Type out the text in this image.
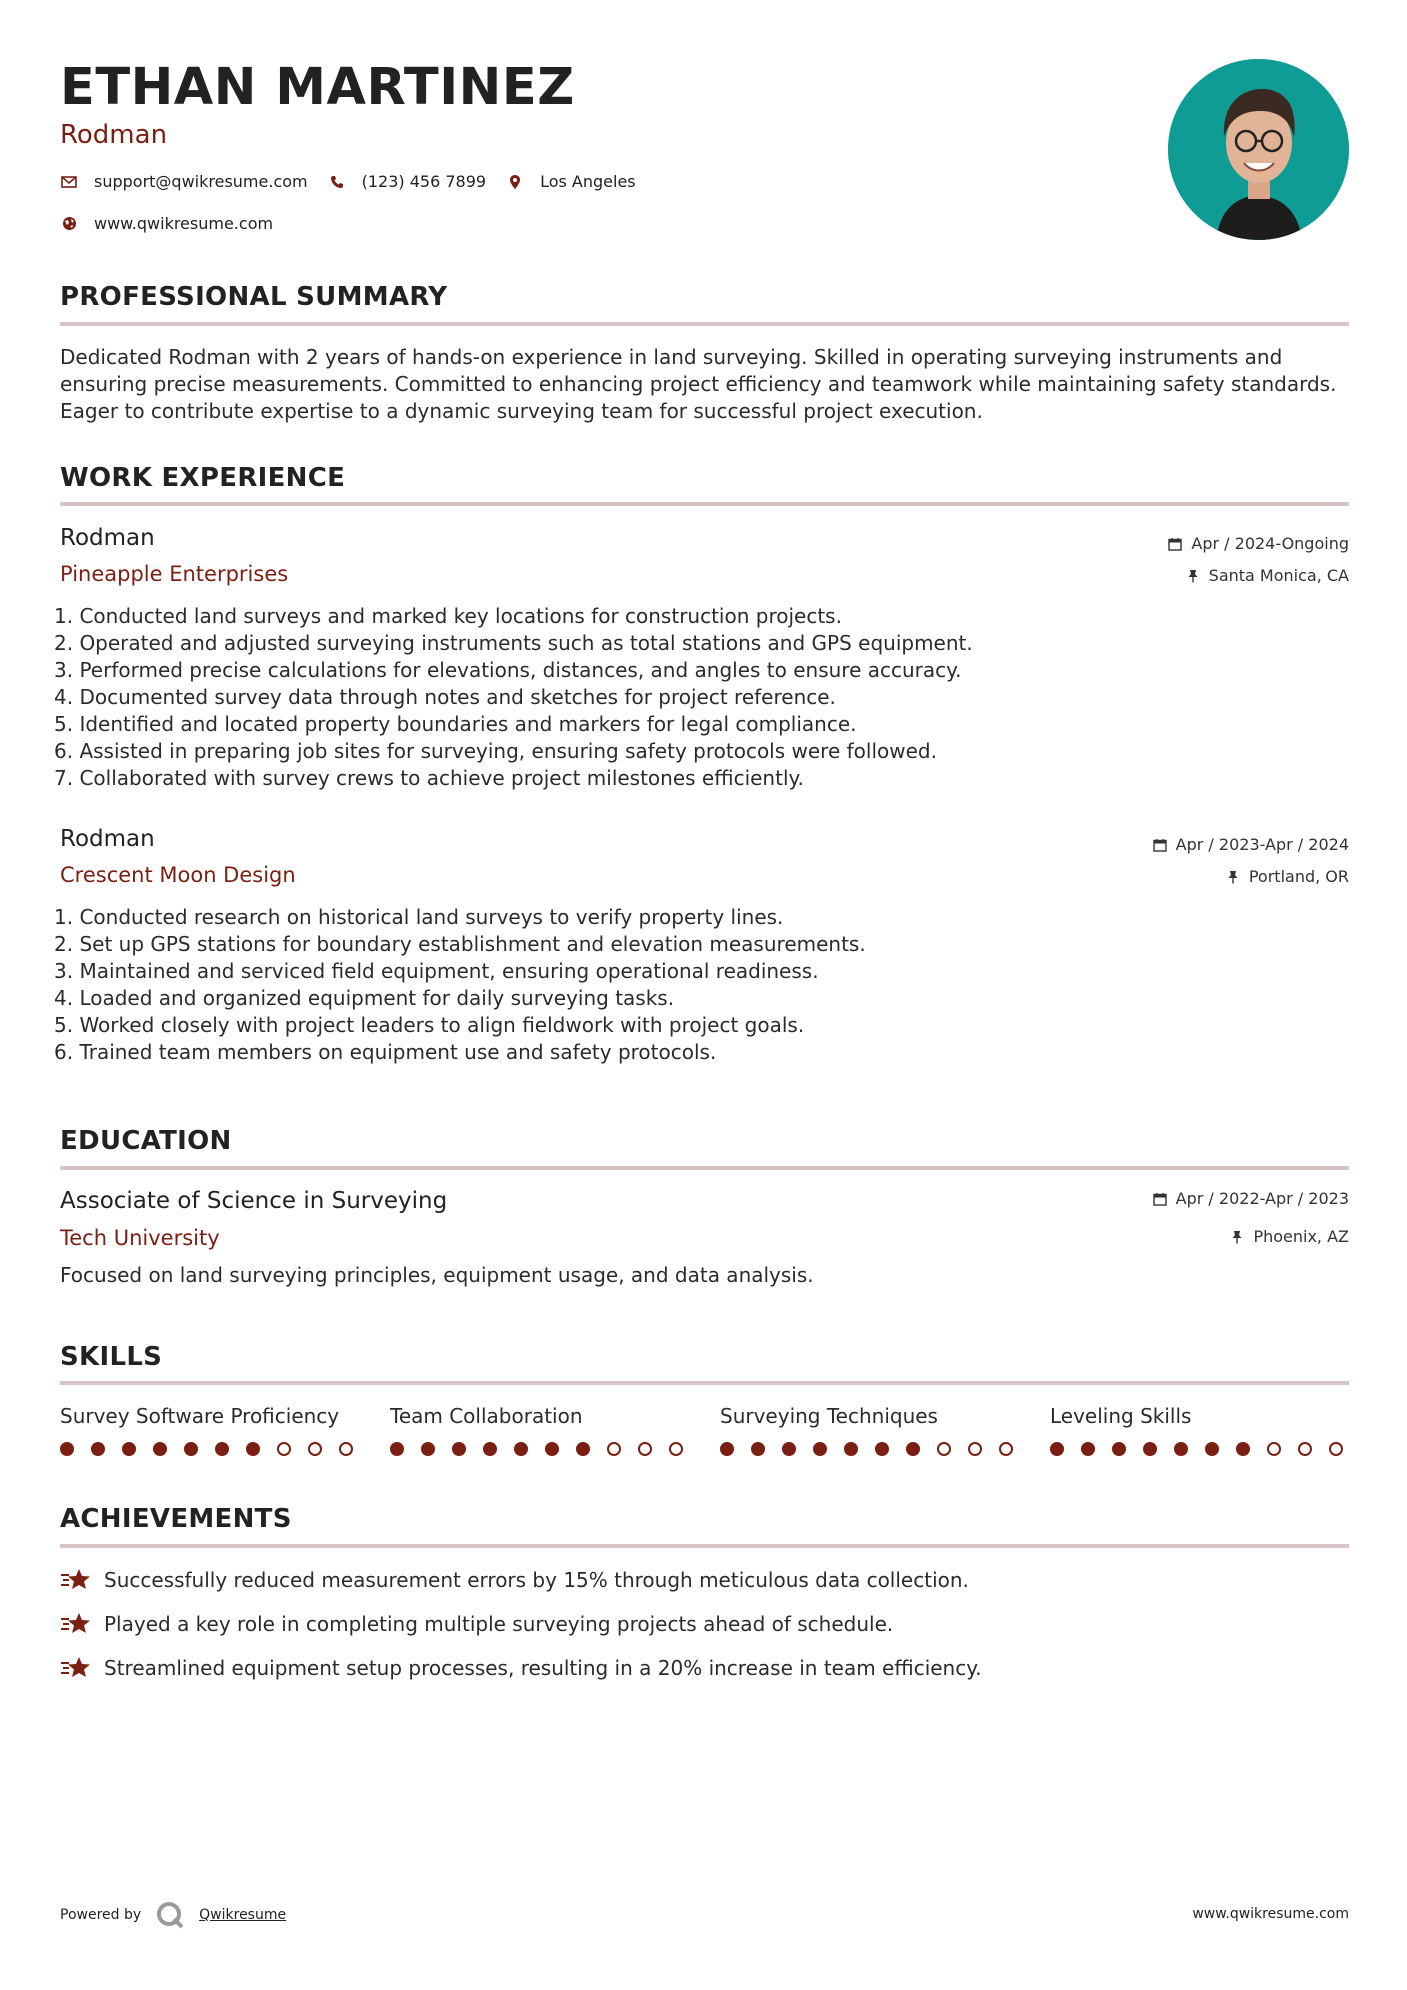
ETHAN MARTINEZ
Rodman
support@qwikresume.com	(123) 456 7899	Los Angeles
www.qwikresume.com
PROFESSIONAL SUMMARY
Dedicated Rodman with 2 years of hands-on experience in land surveying. Skilled in operating surveying instruments and ensuring precise measurements. Committed to enhancing project efficiency and teamwork while maintaining safety standards. Eager to contribute expertise to a dynamic surveying team for successful project execution.
WORK EXPERIENCE
Rodman
Pineapple Enterprises
Apr / 2024-Ongoing
Santa Monica, CA
1. Conducted land surveys and marked key locations for construction projects.
2. Operated and adjusted surveying instruments such as total stations and GPS equipment.
3. Performed precise calculations for elevations, distances, and angles to ensure accuracy.
4. Documented survey data through notes and sketches for project reference.
5. Identified and located property boundaries and markers for legal compliance.
6. Assisted in preparing job sites for surveying, ensuring safety protocols were followed.
7. Collaborated with survey crews to achieve project milestones efficiently.
Rodman
Crescent Moon Design
Apr / 2023-Apr / 2024
Portland, OR
1. Conducted research on historical land surveys to verify property lines.
2. Set up GPS stations for boundary establishment and elevation measurements.
3. Maintained and serviced field equipment, ensuring operational readiness.
4. Loaded and organized equipment for daily surveying tasks.
5. Worked closely with project leaders to align fieldwork with project goals.
6. Trained team members on equipment use and safety protocols.
EDUCATION
Associate of Science in Surveying
Tech University
Apr / 2022-Apr / 2023
Phoenix, AZ
Focused on land surveying principles, equipment usage, and data analysis.
SKILLS
Survey Software Proficiency	Team Collaboration	Surveying Techniques	Leveling Skills
ACHIEVEMENTS
Successfully reduced measurement errors by 15% through meticulous data collection.
Played a key role in completing multiple surveying projects ahead of schedule.
Streamlined equipment setup processes, resulting in a 20% increase in team efficiency.
Powered by	Qwikresume	www.qwikresume.com
